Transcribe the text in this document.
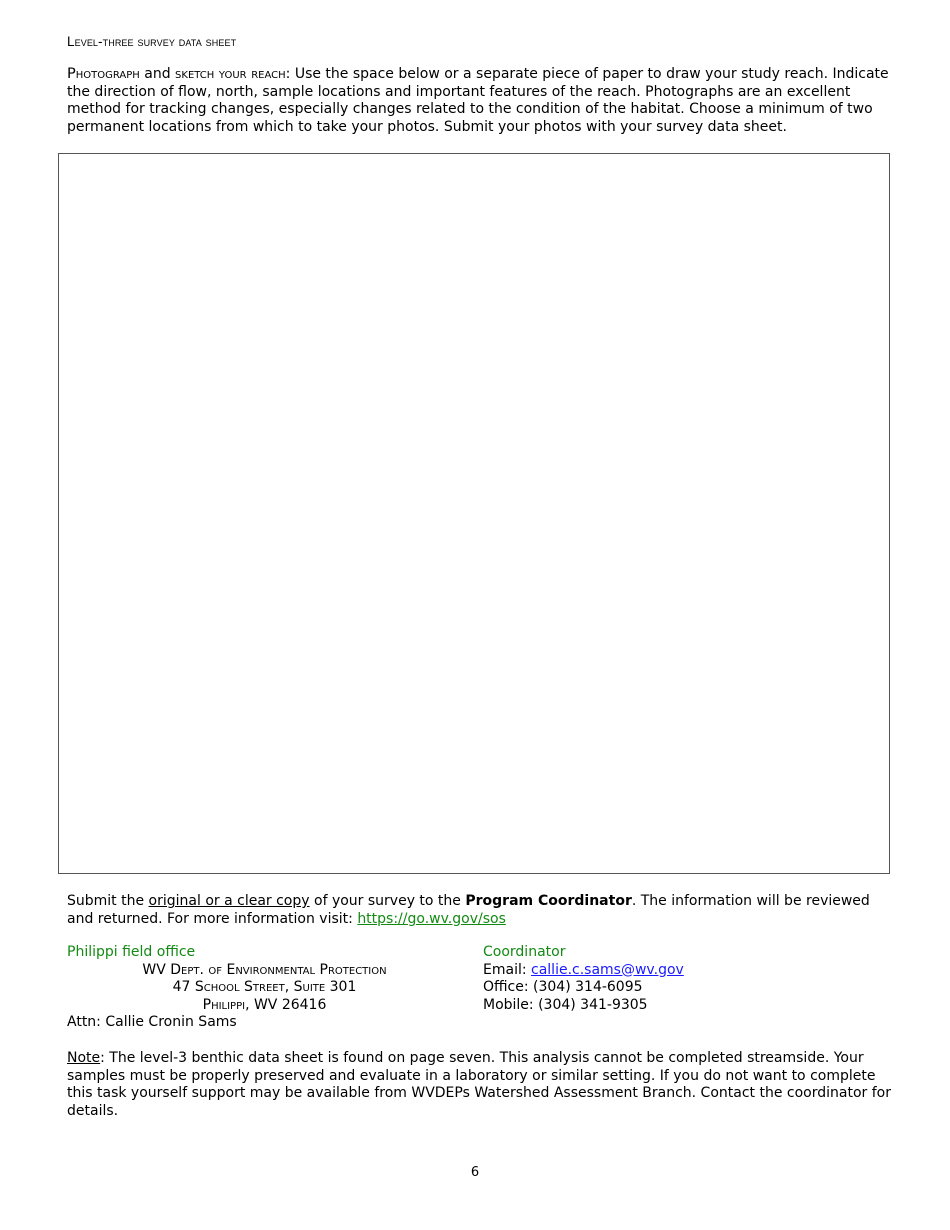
Level-three survey data sheet
Photograph and sketch your reach: Use the space below or a separate piece of paper to draw your study reach. Indicate the direction of flow, north, sample locations and important features of the reach. Photographs are an excellent method for tracking changes, especially changes related to the condition of the habitat. Choose a minimum of two permanent locations from which to take your photos. Submit your photos with your survey data sheet.
Submit the original or a clear copy of your survey to the Program Coordinator. The information will be reviewed and returned. For more information visit: https://go.wv.gov/sos
Philippi field office
WV Dept. of Environmental Protection
47 School Street, Suite 301
Philippi, WV 26416
Attn: Callie Cronin Sams
Coordinator
Email: callie.c.sams@wv.gov
Office: (304) 314-6095
Mobile: (304) 341-9305
Note: The level-3 benthic data sheet is found on page seven. This analysis cannot be completed streamside. Your samples must be properly preserved and evaluate in a laboratory or similar setting. If you do not want to complete this task yourself support may be available from WVDEPs Watershed Assessment Branch. Contact the coordinator for details.
6
